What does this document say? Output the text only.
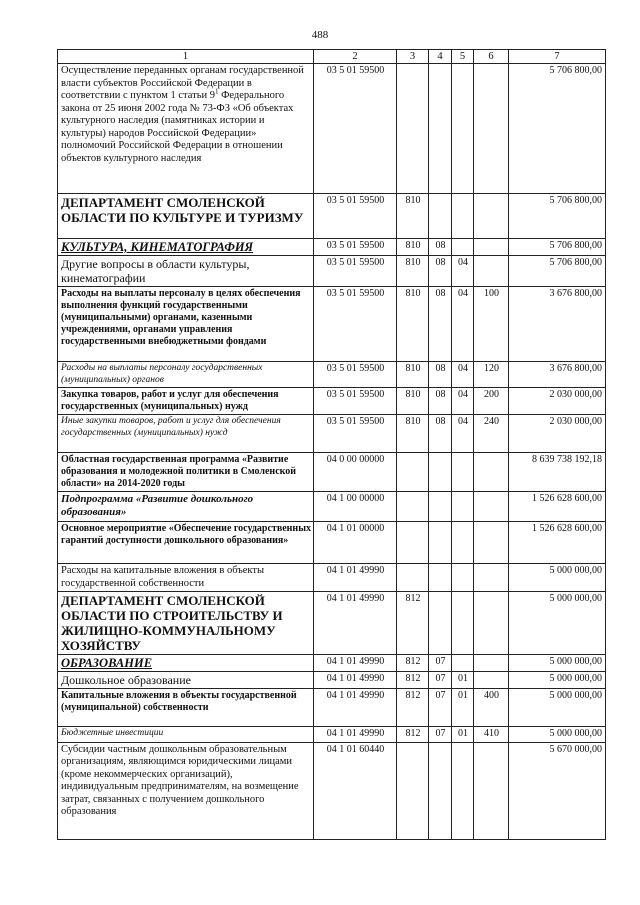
488
1	2	3	4	5	6	7
Осуществление переданных органам государственной власти субъектов Российской Федерации в соответствии с пунктом 1 статьи $9^1$ Федерального закона от 25 июня 2002 года № 73-ФЗ «Об объектах культурного наследия (памятниках истории и культуры) народов Российской Федерации» полномочий Российской Федерации в отношении объектов культурного наследия	03 5 01 59500					5 706 800,00
ДЕПАРТАМЕНТ СМОЛЕНСКОЙ ОБЛАСТИ ПО КУЛЬТУРЕ И ТУРИЗМУ	03 5 01 59500	810				5 706 800,00
КУЛЬТУРА, КИНЕМАТОГРАФИЯ	03 5 01 59500	810	08			5 706 800,00
Другие вопросы в области культуры, кинематографии	03 5 01 59500	810	08	04		5 706 800,00
Расходы на выплаты персоналу в целях обеспечения выполнения функций государственными (муниципальными) органами, казенными учреждениями, органами управления государственными внебюджетными фондами	03 5 01 59500	810	08	04	100	3 676 800,00
Расходы на выплаты персоналу государственных (муниципальных) органов	03 5 01 59500	810	08	04	120	3 676 800,00
Закупка товаров, работ и услуг для обеспечения государственных (муниципальных) нужд	03 5 01 59500	810	08	04	200	2 030 000,00
Иные закупки товаров, работ и услуг для обеспечения государственных (муниципальных) нужд	03 5 01 59500	810	08	04	240	2 030 000,00
Областная государственная программа «Развитие образования и молодежной политики в Смоленской области» на 2014-2020 годы	04 0 00 00000					8 639 738 192,18
Подпрограмма «Развитие дошкольного образования»	04 1 00 00000					1 526 628 600,00
Основное мероприятие «Обеспечение государственных гарантий доступности дошкольного образования»	04 1 01 00000					1 526 628 600,00
Расходы на капитальные вложения в объекты государственной собственности	04 1 01 49990					5 000 000,00
ДЕПАРТАМЕНТ СМОЛЕНСКОЙ ОБЛАСТИ ПО СТРОИТЕЛЬСТВУ И ЖИЛИЩНО-КОММУНАЛЬНОМУ ХОЗЯЙСТВУ	04 1 01 49990	812				5 000 000,00
ОБРАЗОВАНИЕ	04 1 01 49990	812	07			5 000 000,00
Дошкольное образование	04 1 01 49990	812	07	01		5 000 000,00
Капитальные вложения в объекты государственной (муниципальной) собственности	04 1 01 49990	812	07	01	400	5 000 000,00
Бюджетные инвестиции	04 1 01 49990	812	07	01	410	5 000 000,00
Субсидии частным дошкольным образовательным организациям, являющимся юридическими лицами (кроме некоммерческих организаций), индивидуальным предпринимателям, на возмещение затрат, связанных с получением дошкольного образования	04 1 01 60440					5 670 000,00
